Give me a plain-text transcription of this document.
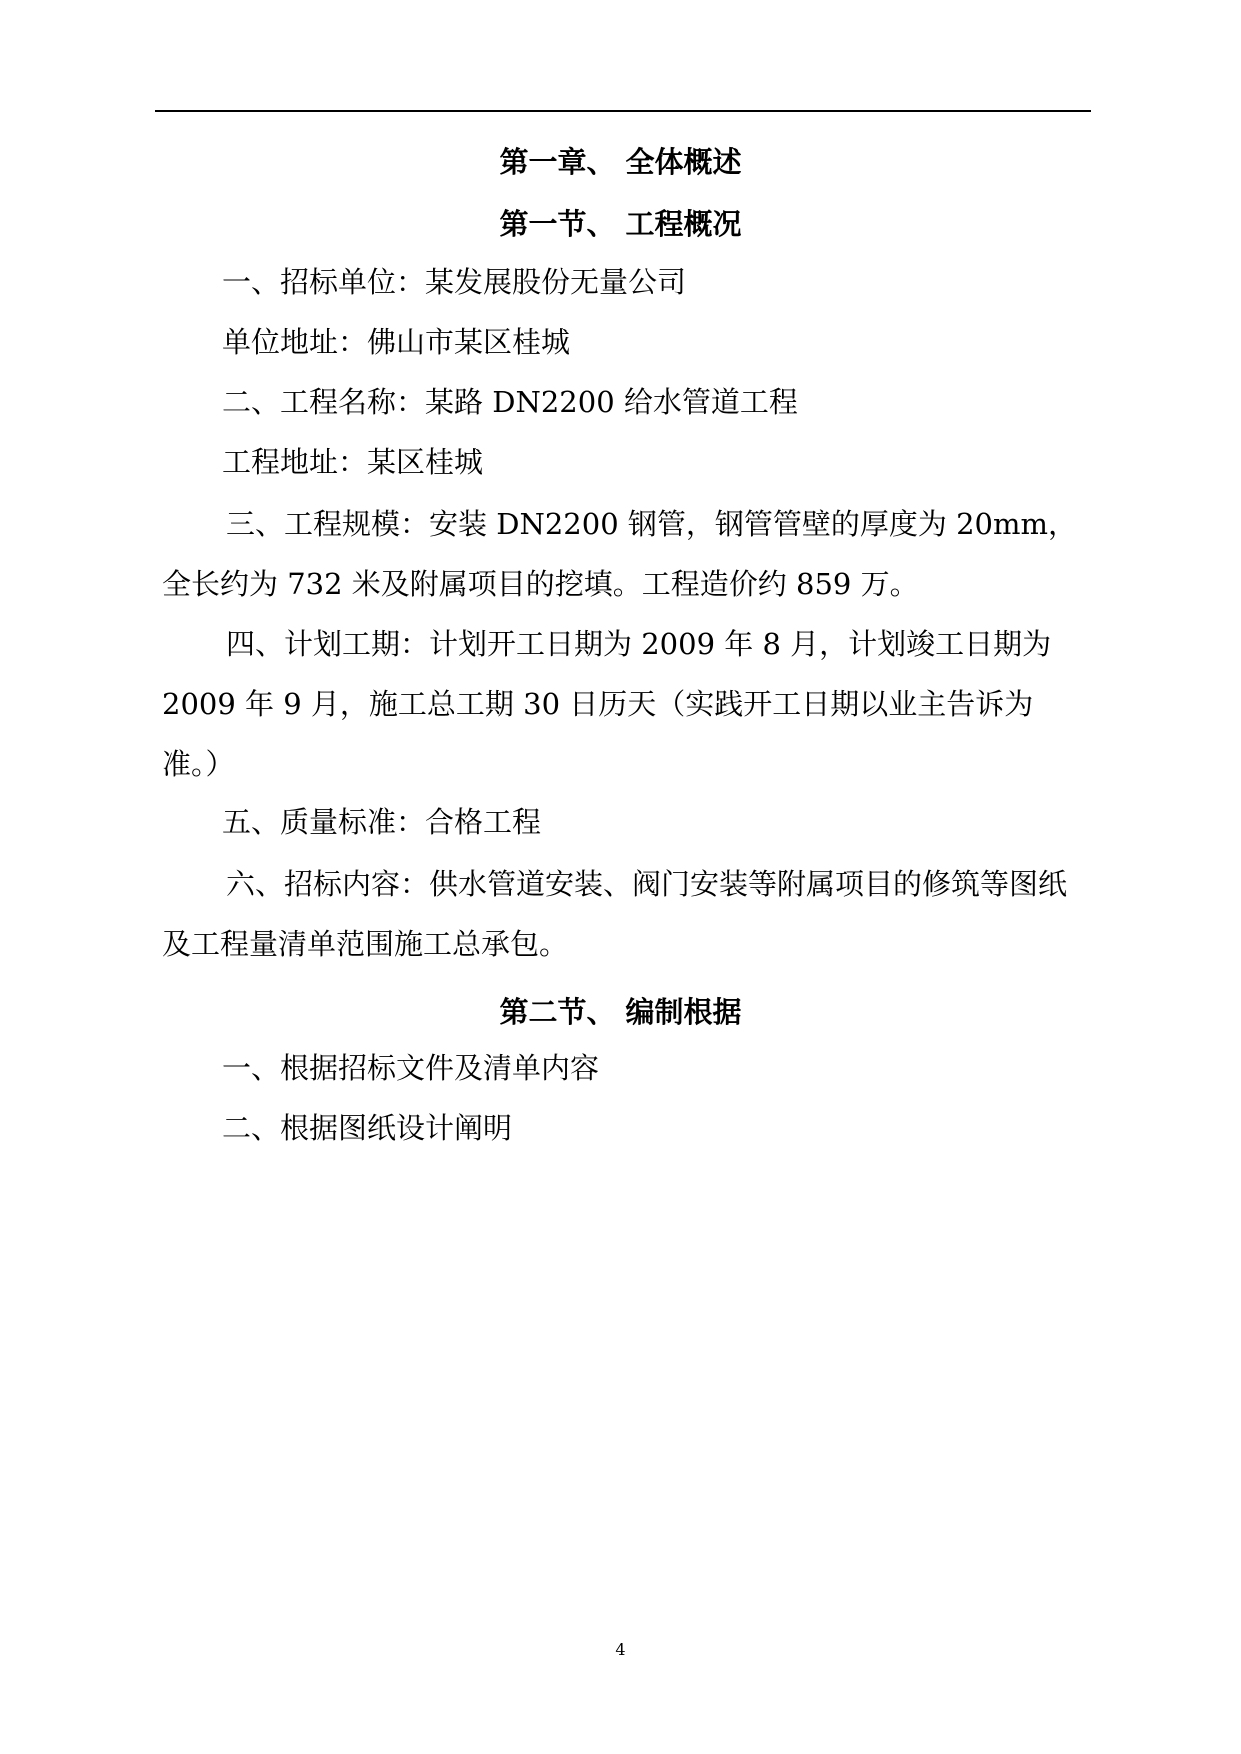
第一章、 全体概述
第一节、 工程概况
一、招标单位：某发展股份无量公司
单位地址：佛山市某区桂城
二、工程名称：某路 DN2200 给水管道工程
工程地址：某区桂城
三、工程规模：安装 DN2200 钢管，钢管管壁的厚度为 20mm，全长约为 732 米及附属项目的挖填。工程造价约 859 万。
四、计划工期：计划开工日期为 2009 年 8 月，计划竣工日期为 2009 年 9 月，施工总工期 30 日历天（实践开工日期以业主告诉为准。）
五、质量标准：合格工程
六、招标内容：供水管道安装、阀门安装等附属项目的修筑等图纸及工程量清单范围施工总承包。
第二节、 编制根据
一、根据招标文件及清单内容
二、根据图纸设计阐明
4
